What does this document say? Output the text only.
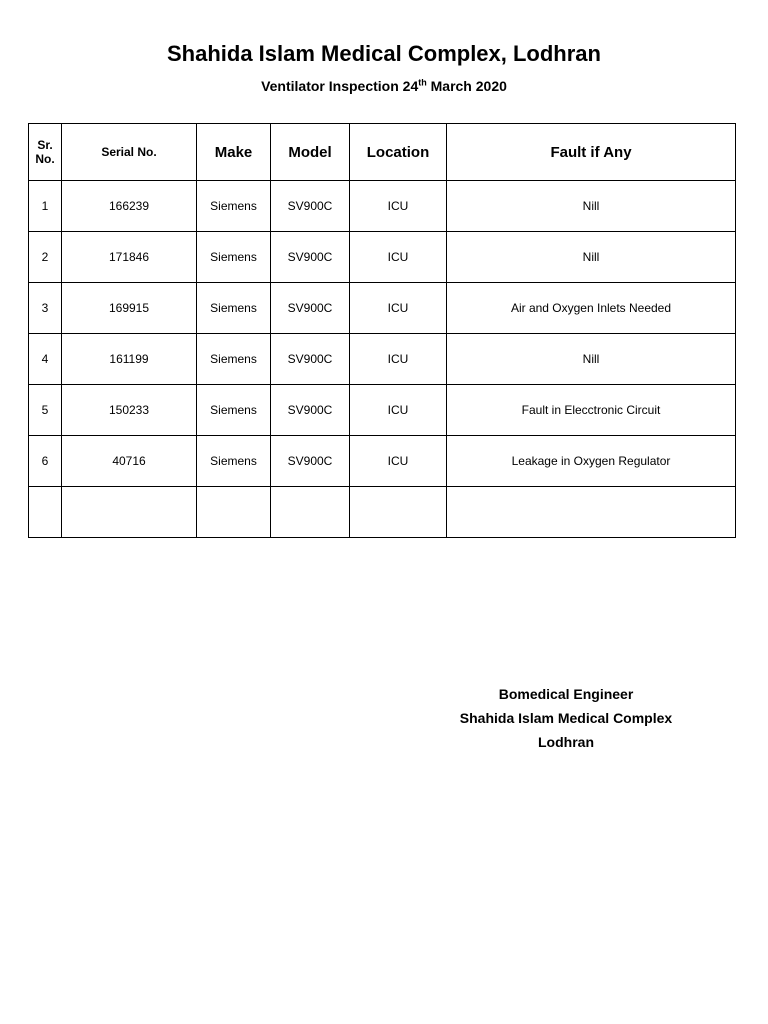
Shahida Islam Medical Complex, Lodhran
Ventilator Inspection 24th March 2020
Sr. No.	Serial No.	Make	Model	Location	Fault if Any
1	166239	Siemens	SV900C	ICU	Nill
2	171846	Siemens	SV900C	ICU	Nill
3	169915	Siemens	SV900C	ICU	Air and Oxygen Inlets Needed
4	161199	Siemens	SV900C	ICU	Nill
5	150233	Siemens	SV900C	ICU	Fault in Elecctronic Circuit
6	40716	Siemens	SV900C	ICU	Leakage in Oxygen Regulator

Bomedical Engineer
Shahida Islam Medical Complex
Lodhran
